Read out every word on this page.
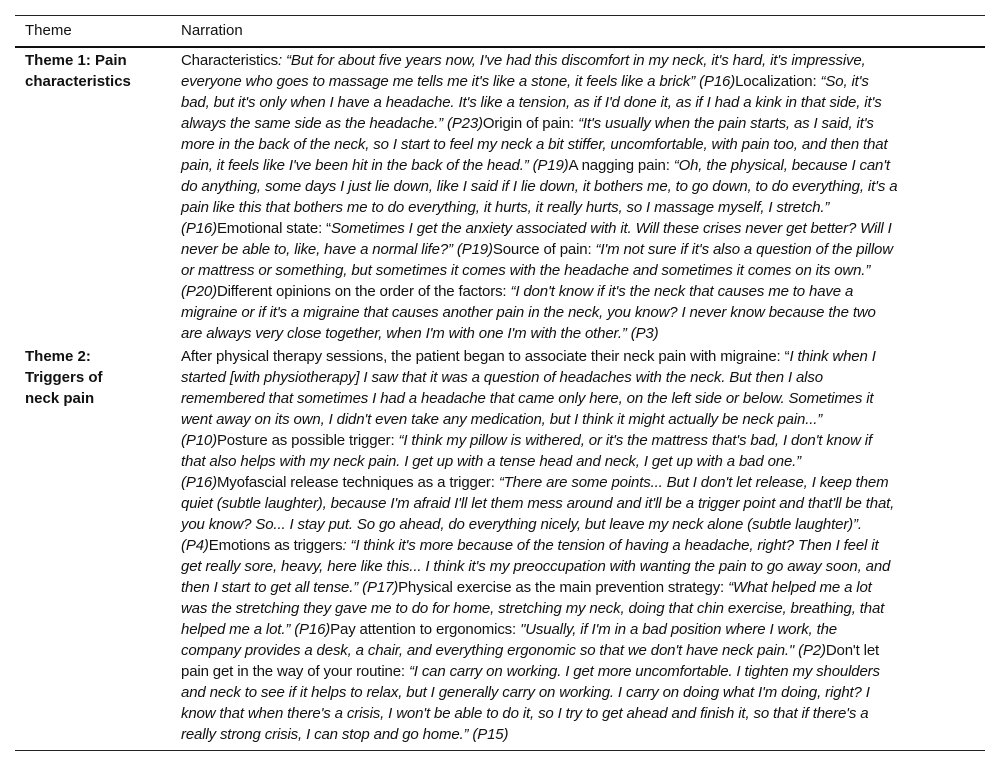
Theme	Narration
Theme 1: Pain
characteristics
Characteristics: “But for about five years now, I've had this discomfort in my neck, it's hard, it's impressive,
everyone who goes to massage me tells me it's like a stone, it feels like a brick” (P16)Localization: “So, it's
bad, but it's only when I have a headache. It's like a tension, as if I'd done it, as if I had a kink in that side, it's
always the same side as the headache.” (P23)Origin of pain: “It's usually when the pain starts, as I said, it's
more in the back of the neck, so I start to feel my neck a bit stiffer, uncomfortable, with pain too, and then that
pain, it feels like I've been hit in the back of the head.” (P19)A nagging pain: “Oh, the physical, because I can't
do anything, some days I just lie down, like I said if I lie down, it bothers me, to go down, to do everything, it's a
pain like this that bothers me to do everything, it hurts, it really hurts, so I massage myself, I stretch.”
(P16)Emotional state: “Sometimes I get the anxiety associated with it. Will these crises never get better? Will I
never be able to, like, have a normal life?” (P19)Source of pain: “I'm not sure if it's also a question of the pillow
or mattress or something, but sometimes it comes with the headache and sometimes it comes on its own.”
(P20)Different opinions on the order of the factors: “I don't know if it's the neck that causes me to have a
migraine or if it's a migraine that causes another pain in the neck, you know? I never know because the two
are always very close together, when I'm with one I'm with the other.” (P3)
Theme 2:
Triggers of
neck pain
After physical therapy sessions, the patient began to associate their neck pain with migraine: “I think when I
started [with physiotherapy] I saw that it was a question of headaches with the neck. But then I also
remembered that sometimes I had a headache that came only here, on the left side or below. Sometimes it
went away on its own, I didn't even take any medication, but I think it might actually be neck pain...”
(P10)Posture as possible trigger: “I think my pillow is withered, or it's the mattress that's bad, I don't know if
that also helps with my neck pain. I get up with a tense head and neck, I get up with a bad one.”
(P16)Myofascial release techniques as a trigger: “There are some points... But I don't let release, I keep them
quiet (subtle laughter), because I'm afraid I'll let them mess around and it'll be a trigger point and that'll be that,
you know? So... I stay put. So go ahead, do everything nicely, but leave my neck alone (subtle laughter)”.
(P4)Emotions as triggers: “I think it's more because of the tension of having a headache, right? Then I feel it
get really sore, heavy, here like this... I think it's my preoccupation with wanting the pain to go away soon, and
then I start to get all tense.” (P17)Physical exercise as the main prevention strategy: “What helped me a lot
was the stretching they gave me to do for home, stretching my neck, doing that chin exercise, breathing, that
helped me a lot.” (P16)Pay attention to ergonomics: "Usually, if I'm in a bad position where I work, the
company provides a desk, a chair, and everything ergonomic so that we don't have neck pain." (P2)Don't let
pain get in the way of your routine: “I can carry on working. I get more uncomfortable. I tighten my shoulders
and neck to see if it helps to relax, but I generally carry on working. I carry on doing what I'm doing, right? I
know that when there's a crisis, I won't be able to do it, so I try to get ahead and finish it, so that if there's a
really strong crisis, I can stop and go home.” (P15)
